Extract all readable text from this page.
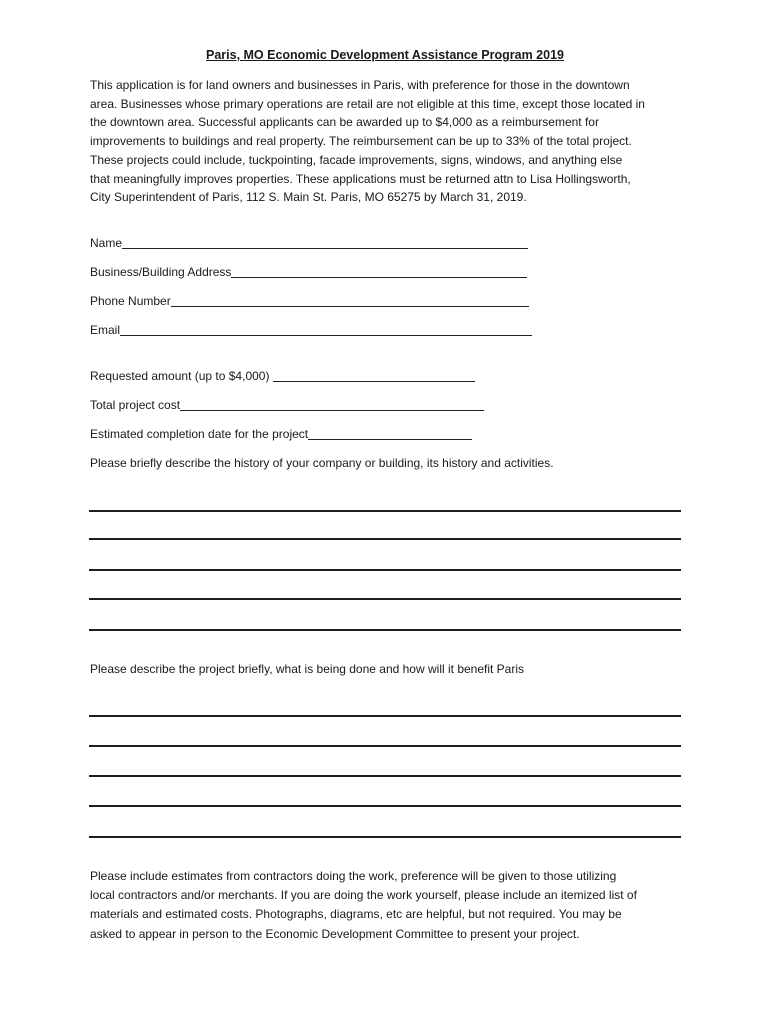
Paris, MO Economic Development Assistance Program 2019
This application is for land owners and businesses in Paris, with preference for those in the downtown
area. Businesses whose primary operations are retail are not eligible at this time, except those located in
the downtown area. Successful applicants can be awarded up to $4,000 as a reimbursement for
improvements to buildings and real property. The reimbursement can be up to 33% of the total project.
These projects could include, tuckpointing, facade improvements, signs, windows, and anything else
that meaningfully improves properties. These applications must be returned attn to Lisa Hollingsworth,
City Superintendent of Paris, 112 S. Main St. Paris, MO 65275 by March 31, 2019.
Name
Business/Building Address
Phone Number
Email
Requested amount (up to $4,000)
Total project cost
Estimated completion date for the project
Please briefly describe the history of your company or building, its history and activities.
Please describe the project briefly, what is being done and how will it benefit Paris
Please include estimates from contractors doing the work, preference will be given to those utilizing
local contractors and/or merchants. If you are doing the work yourself, please include an itemized list of
materials and estimated costs. Photographs, diagrams, etc are helpful, but not required. You may be
asked to appear in person to the Economic Development Committee to present your project.
